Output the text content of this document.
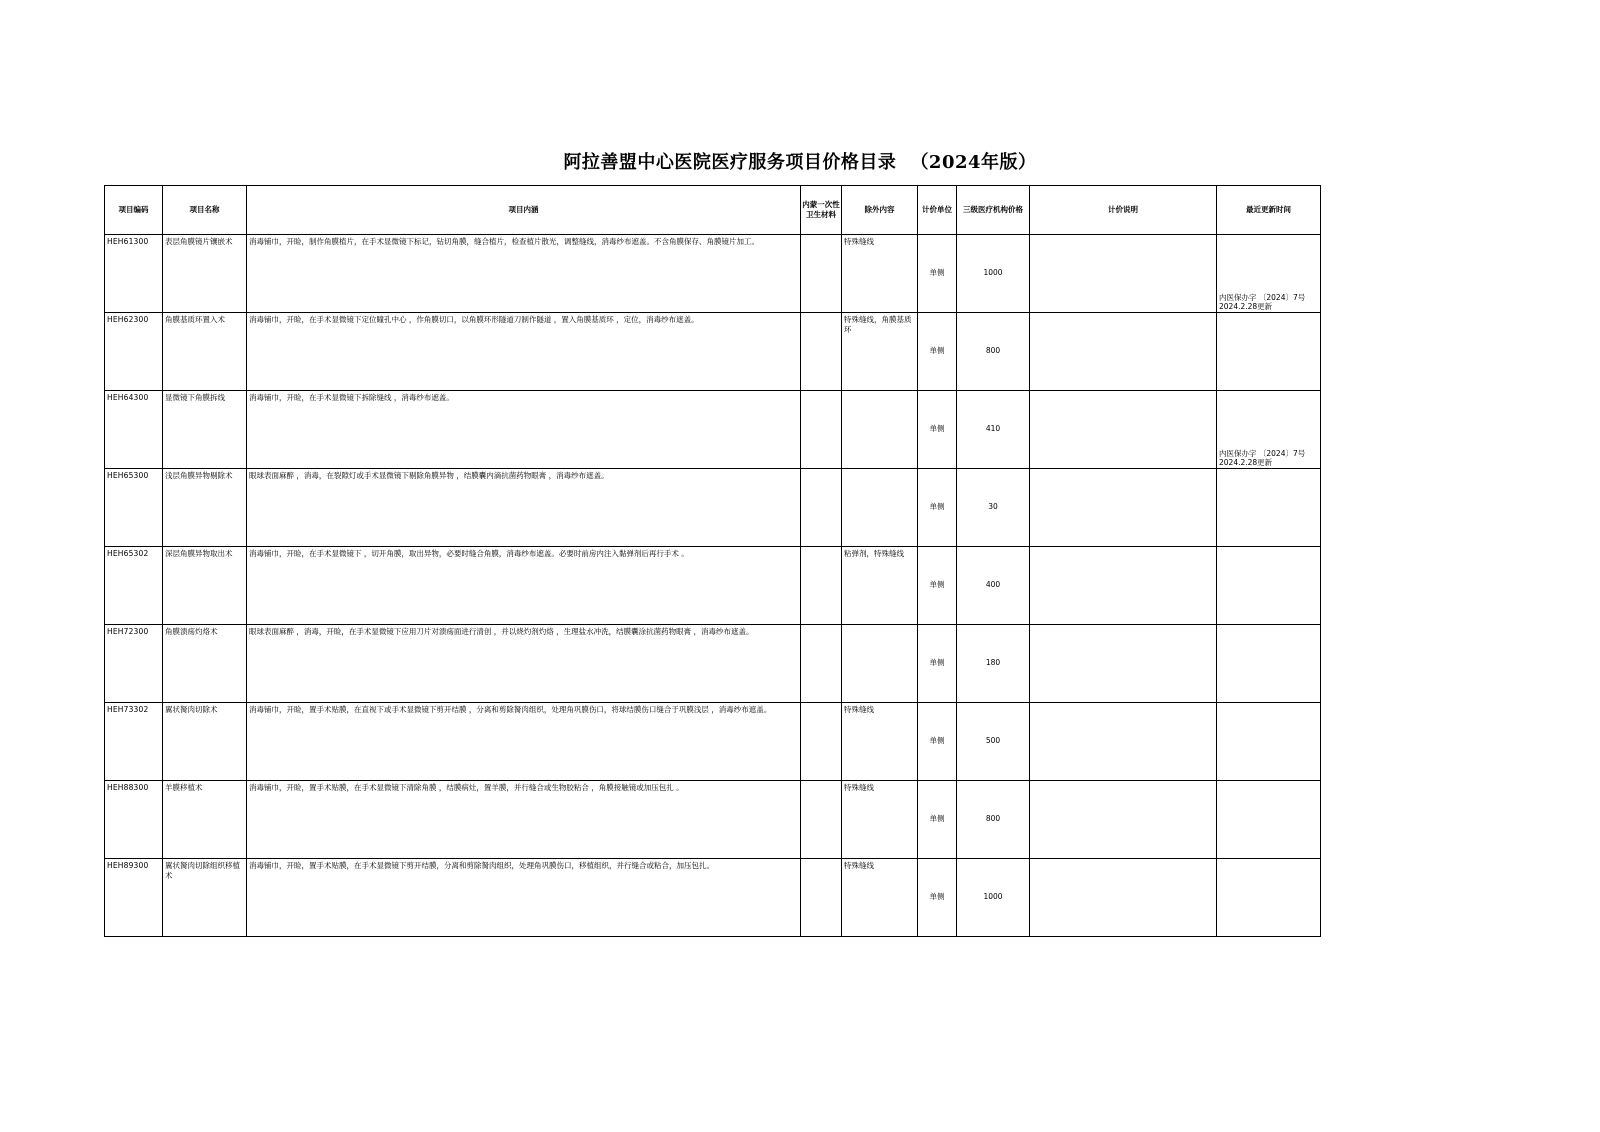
阿拉善盟中心医院医疗服务项目价格目录 （2024年版）
项目编码	项目名称	项目内涵	内蒙一次性卫生材料	除外内容	计价单位	三级医疗机构价格	计价说明	最近更新时间
HEH61300	表层角膜镜片镶嵌术	消毒铺巾，开睑，制作角膜植片，在手术显微镜下标记，钻切角膜，缝合植片，检查植片散光，调整缝线，消毒纱布遮盖。不含角膜保存、角膜镜片加工。		特殊缝线	单侧	1000		内医保办字 〔2024〕7号 2024.2.28更新

HEH62300	角膜基质环置入术	消毒铺巾，开睑，在手术显微镜下定位瞳孔中心 ，作角膜切口，以角膜环形隧道刀制作隧道 ，置入角膜基质环 ，定位，消毒纱布遮盖。		特殊缝线，角膜基质环	单侧	800		

HEH64300	显微镜下角膜拆线	消毒铺巾，开睑，在手术显微镜下拆除缝线 ，消毒纱布遮盖。			单侧	410		内医保办字 〔2024〕7号 2024.2.28更新

HEH65300	浅层角膜异物剔除术	眼球表面麻醉 ，消毒，在裂隙灯或手术显微镜下剔除角膜异物 ，结膜囊内滴抗菌药物眼膏 ，消毒纱布遮盖。			单侧	30		

HEH65302	深层角膜异物取出术	消毒铺巾，开睑，在手术显微镜下 ，切开角膜，取出异物，必要时缝合角膜，消毒纱布遮盖。必要时前房内注入黏弹剂后再行手术 。		粘弹剂，特殊缝线	单侧	400		

HEH72300	角膜溃疡灼烙术	眼球表面麻醉 ，消毒，开睑，在手术显微镜下应用刀片对溃疡面进行清创 ，并以烧灼剂灼烙 ，生理盐水冲洗，结膜囊涂抗菌药物眼膏 ，消毒纱布遮盖。			单侧	180		

HEH73302	翼状胬肉切除术	消毒铺巾，开睑，置手术贴膜，在直视下或手术显微镜下剪开结膜 ，分离和剪除胬肉组织，处理角巩膜伤口，将球结膜伤口缝合于巩膜浅层 ，消毒纱布遮盖。		特殊缝线	单侧	500		

HEH88300	羊膜移植术	消毒铺巾，开睑，置手术贴膜，在手术显微镜下清除角膜 ，结膜病灶，置羊膜，并行缝合或生物胶粘合 ，角膜接触镜或加压包扎 。		特殊缝线	单侧	800		

HEH89300	翼状胬肉切除组织移植术	消毒铺巾，开睑，置手术贴膜，在手术显微镜下剪开结膜，分离和剪除胬肉组织，处理角巩膜伤口，移植组织，并行缝合或粘合，加压包扎。		特殊缝线	单侧	1000		
